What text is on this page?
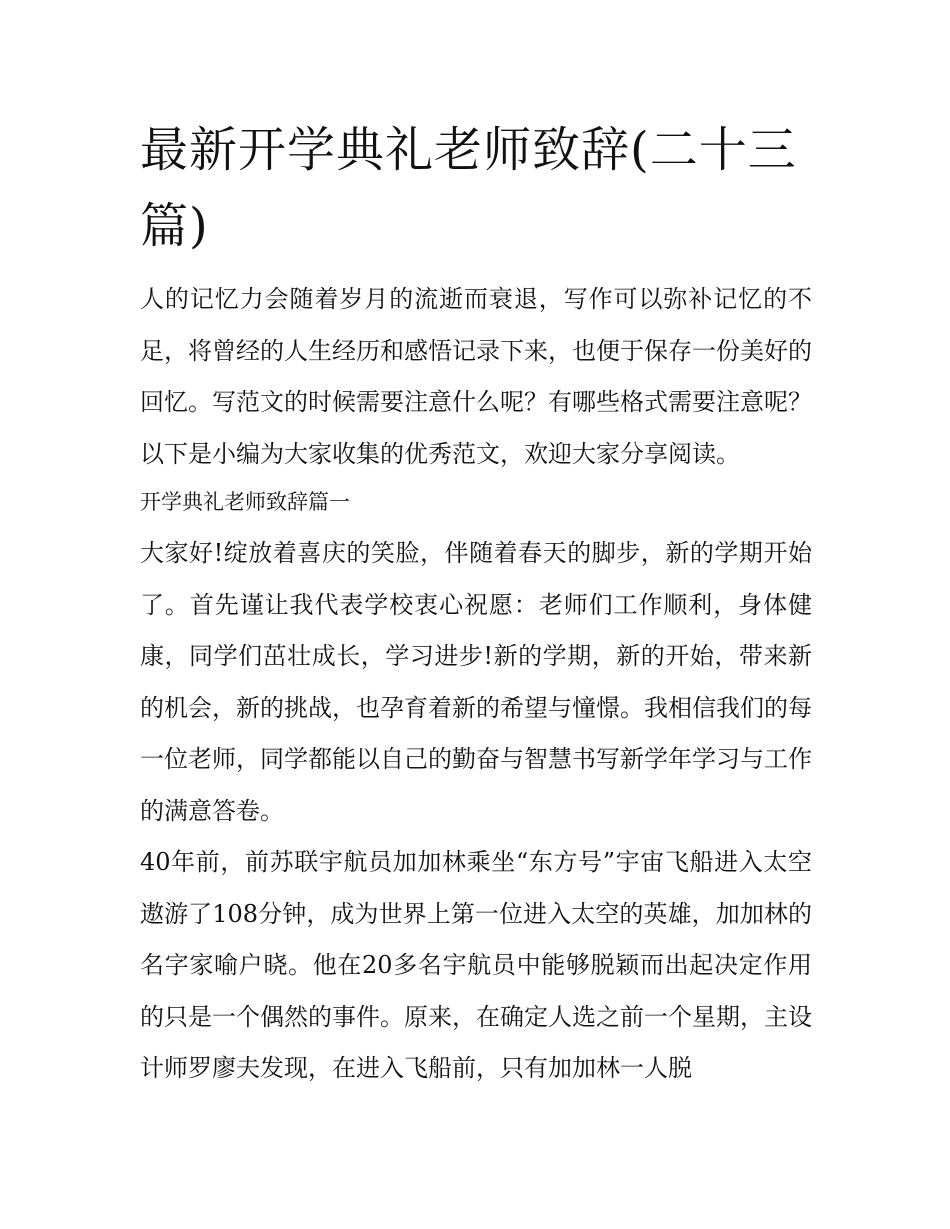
最新开学典礼老师致辞(二十三篇)

人的记忆力会随着岁月的流逝而衰退，写作可以弥补记忆的不足，将曾经的人生经历和感悟记录下来，也便于保存一份美好的回忆。写范文的时候需要注意什么呢？有哪些格式需要注意呢？以下是小编为大家收集的优秀范文，欢迎大家分享阅读。

开学典礼老师致辞篇一

大家好!绽放着喜庆的笑脸，伴随着春天的脚步，新的学期开始了。首先谨让我代表学校衷心祝愿：老师们工作顺利，身体健康，同学们茁壮成长，学习进步!新的学期，新的开始，带来新的机会，新的挑战，也孕育着新的希望与憧憬。我相信我们的每一位老师，同学都能以自己的勤奋与智慧书写新学年学习与工作的满意答卷。

40年前，前苏联宇航员加加林乘坐“东方号”宇宙飞船进入太空遨游了108分钟，成为世界上第一位进入太空的英雄，加加林的名字家喻户晓。他在20多名宇航员中能够脱颖而出起决定作用的只是一个偶然的事件。原来，在确定人选之前一个星期，主设计师罗廖夫发现，在进入飞船前，只有加加林一人脱
